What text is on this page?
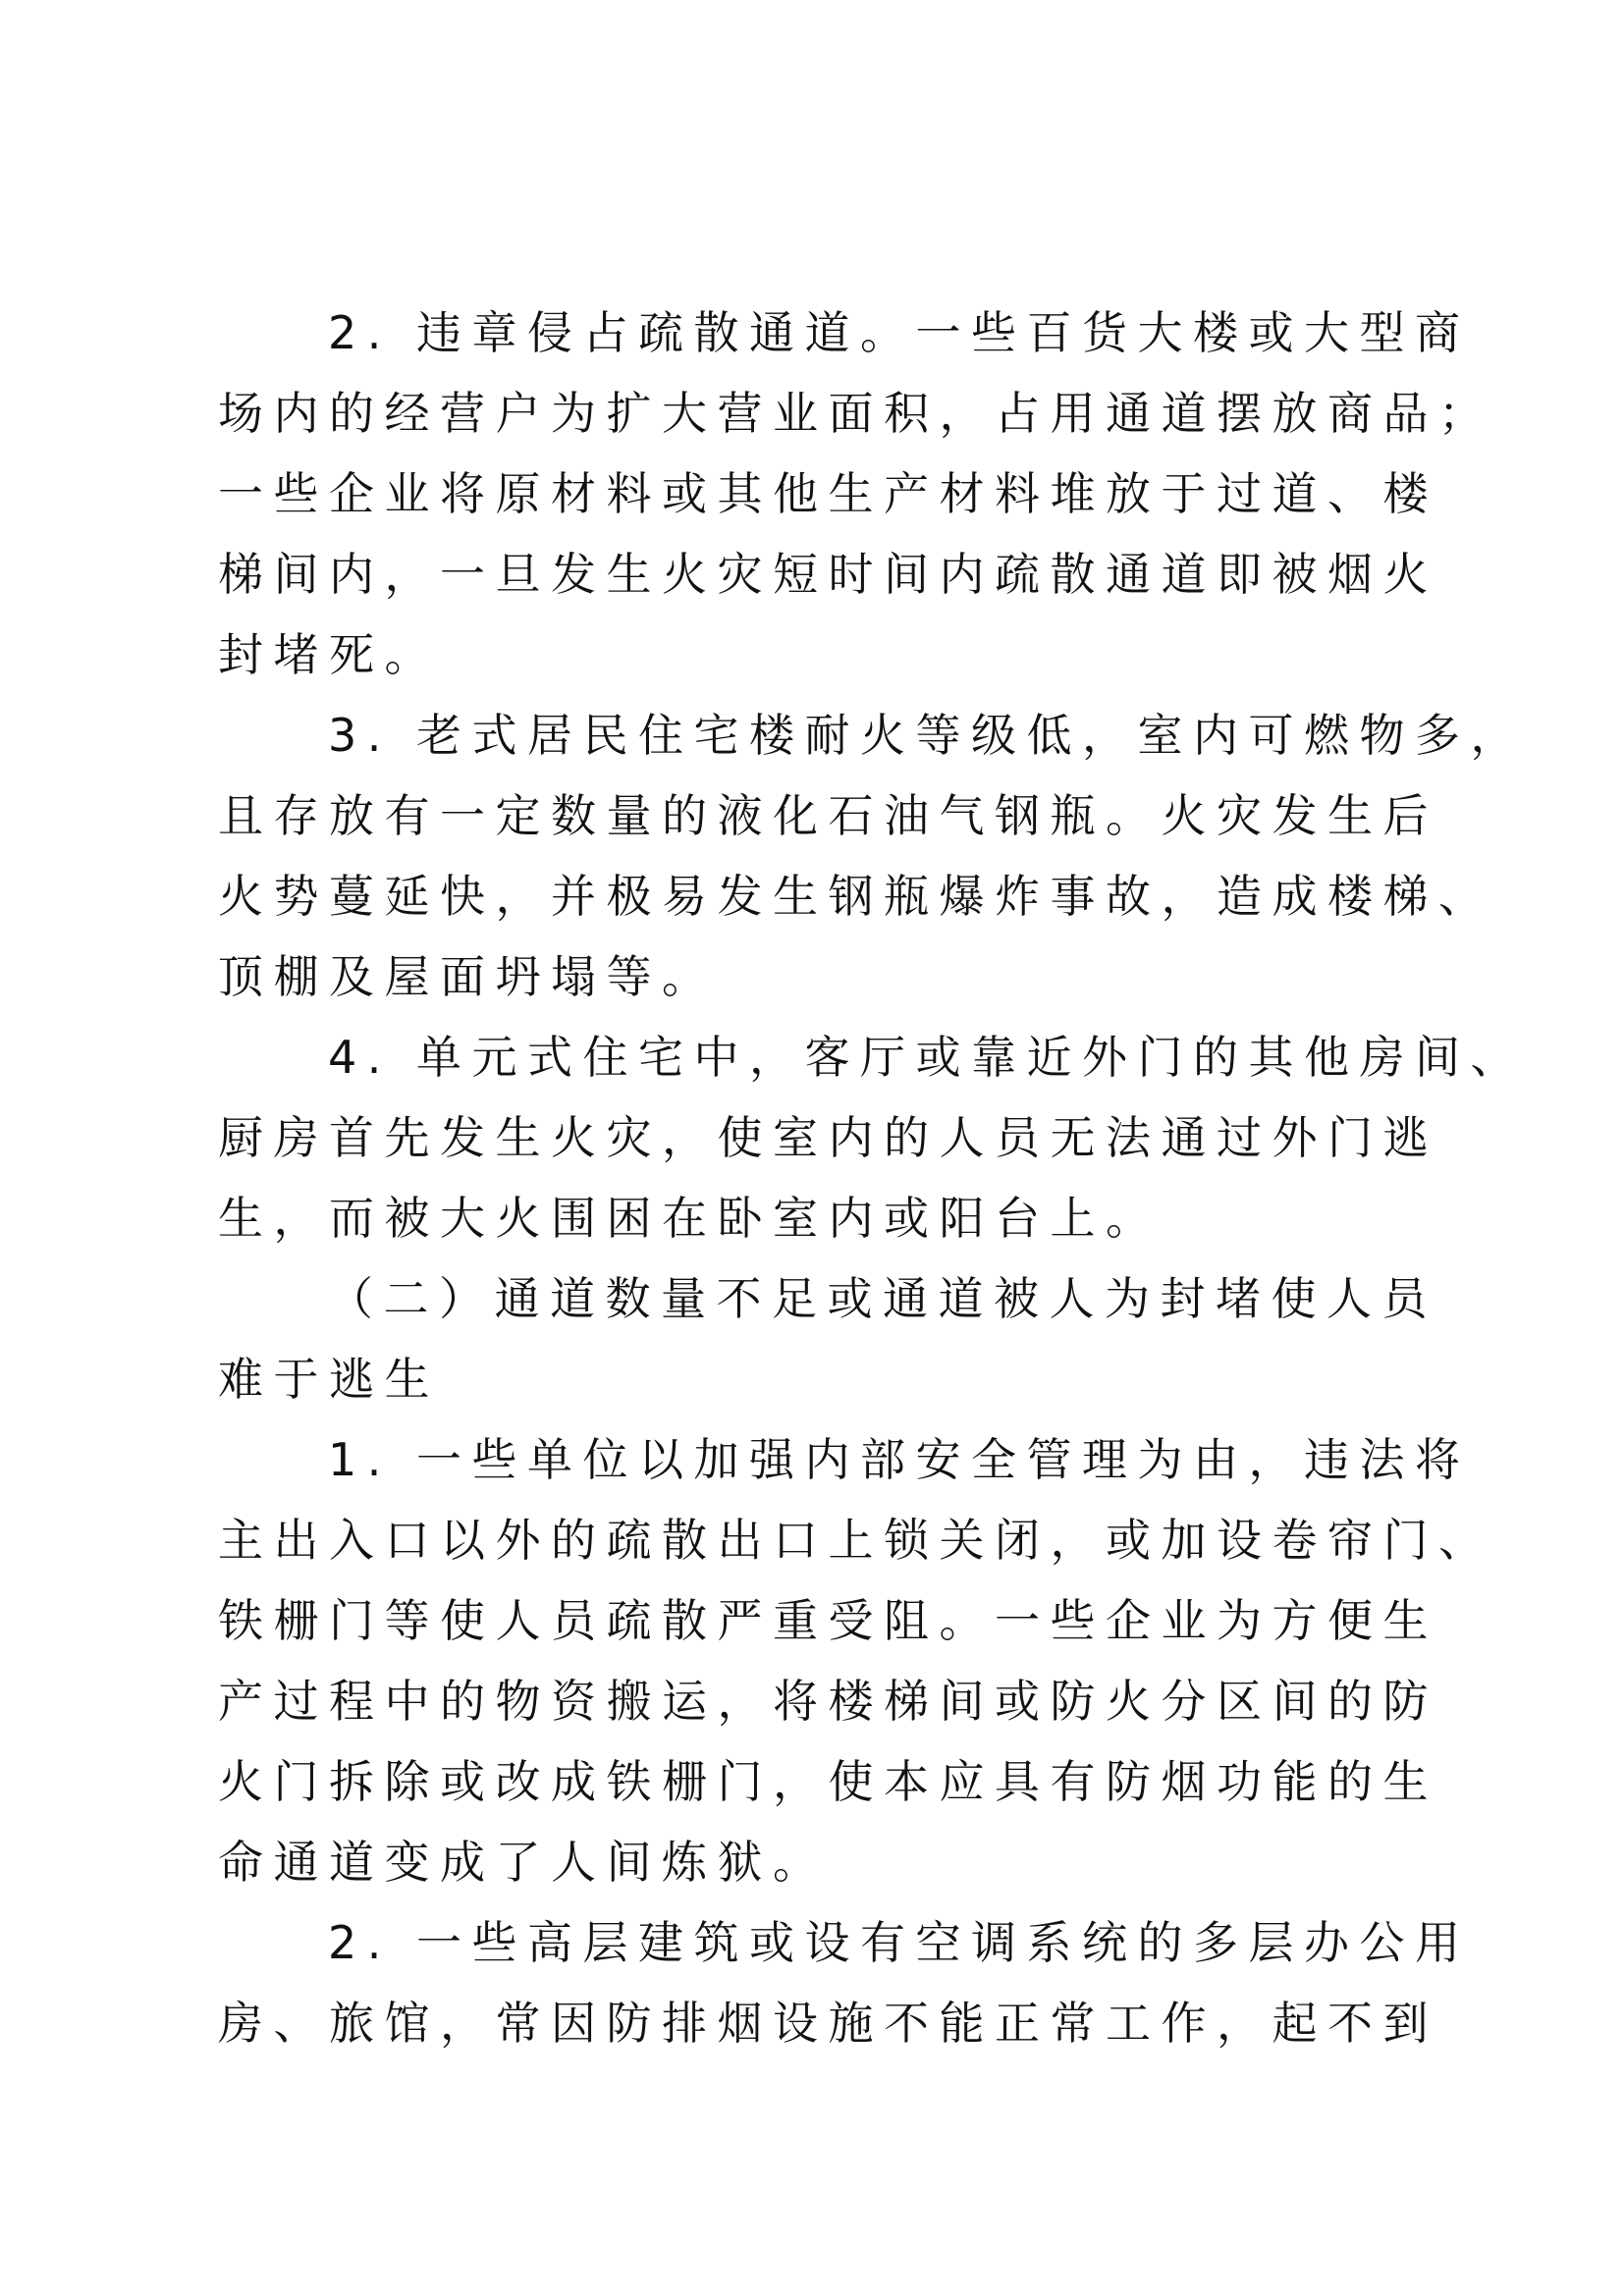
2. 违章侵占疏散通道。一些百货大楼或大型商
场内的经营户为扩大营业面积，占用通道摆放商品；
一些企业将原材料或其他生产材料堆放于过道、楼
梯间内，一旦发生火灾短时间内疏散通道即被烟火
封堵死。
3. 老式居民住宅楼耐火等级低，室内可燃物多，
且存放有一定数量的液化石油气钢瓶。火灾发生后
火势蔓延快，并极易发生钢瓶爆炸事故，造成楼梯、
顶棚及屋面坍塌等。
4. 单元式住宅中，客厅或靠近外门的其他房间、
厨房首先发生火灾，使室内的人员无法通过外门逃
生，而被大火围困在卧室内或阳台上。
（二）通道数量不足或通道被人为封堵使人员
难于逃生
1. 一些单位以加强内部安全管理为由，违法将
主出入口以外的疏散出口上锁关闭，或加设卷帘门、
铁栅门等使人员疏散严重受阻。一些企业为方便生
产过程中的物资搬运，将楼梯间或防火分区间的防
火门拆除或改成铁栅门，使本应具有防烟功能的生
命通道变成了人间炼狱。
2. 一些高层建筑或设有空调系统的多层办公用
房、旅馆，常因防排烟设施不能正常工作，起不到
